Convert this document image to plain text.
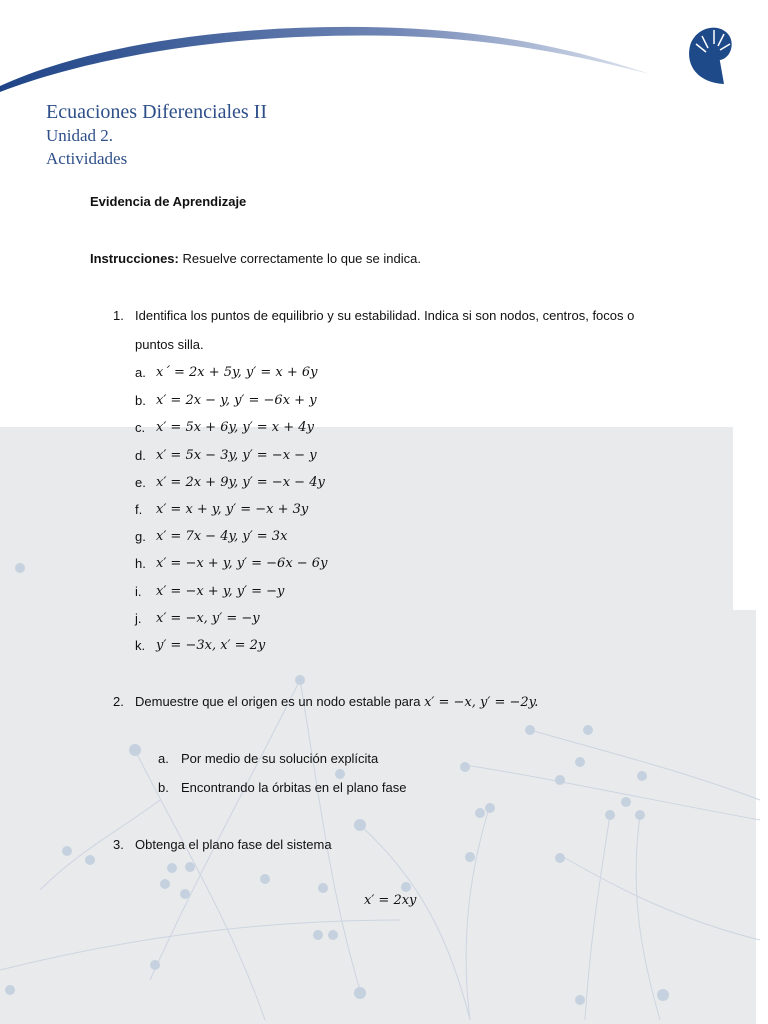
Ecuaciones Diferenciales II
Unidad 2.
Actividades
Evidencia de Aprendizaje
Instrucciones: Resuelve correctamente lo que se indica.
1. Identifica los puntos de equilibrio y su estabilidad. Indica si son nodos, centros, focos o
puntos silla.
a. x´ = 2x + 5y, y′ = x + 6y
b. x′ = 2x − y, y′ = −6x + y
c. x′ = 5x + 6y, y′ = x + 4y
d. x′ = 5x − 3y, y′ = −x − y
e. x′ = 2x + 9y, y′ = −x − 4y
f. x′ = x + y, y′ = −x + 3y
g. x′ = 7x − 4y, y′ = 3x
h. x′ = −x + y, y′ = −6x − 6y
i. x′ = −x + y, y′ = −y
j. x′ = −x, y′ = −y
k. y′ = −3x, x′ = 2y
2. Demuestre que el origen es un nodo estable para x′ = −x, y′ = −2y.
a. Por medio de su solución explícita
b. Encontrando la órbitas en el plano fase
3. Obtenga el plano fase del sistema
x′ = 2xy
